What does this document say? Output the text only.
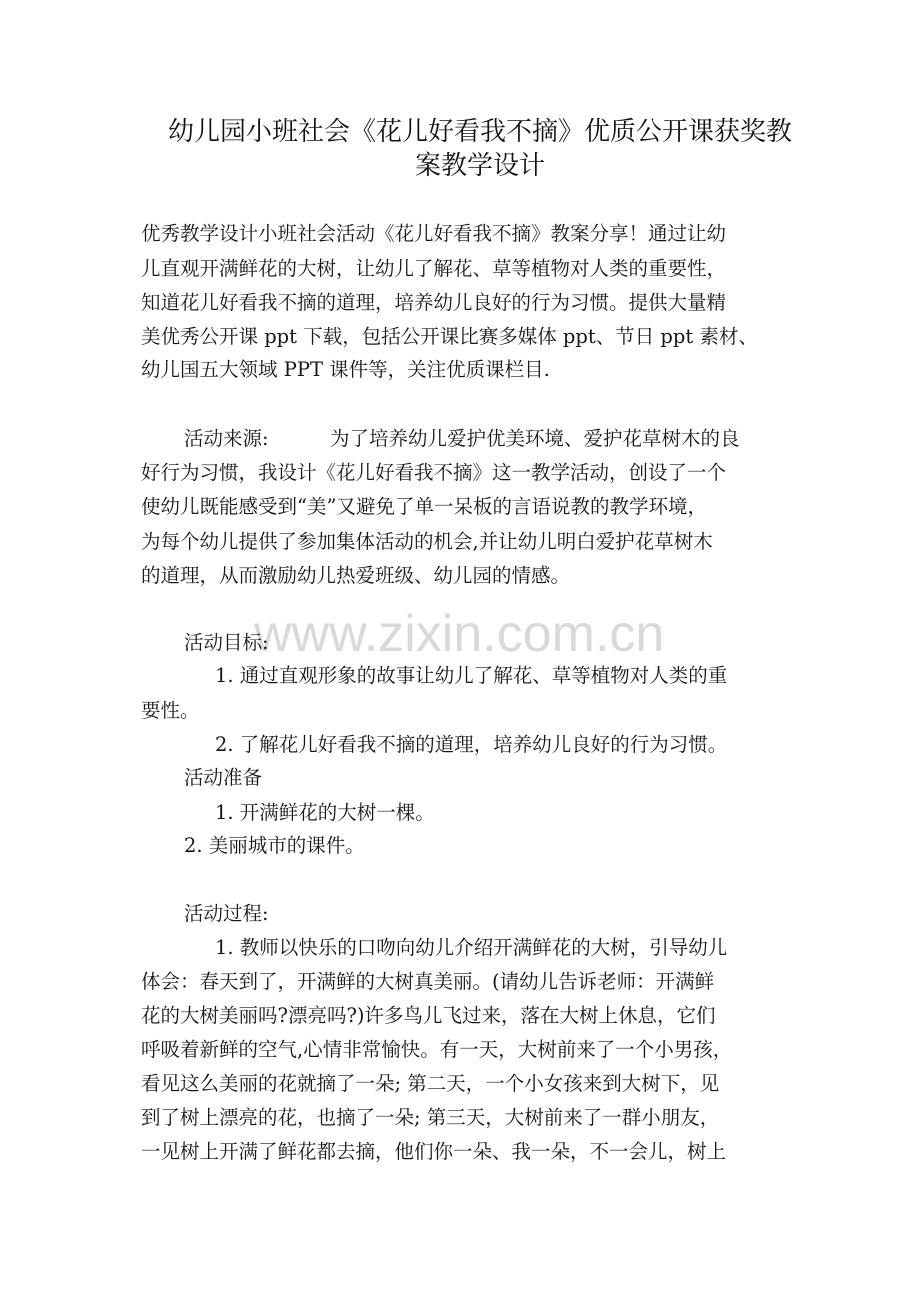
幼儿园小班社会《花儿好看我不摘》优质公开课获奖教
案教学设计
优秀教学设计小班社会活动《花儿好看我不摘》教案分享！通过让幼
儿直观开满鲜花的大树，让幼儿了解花、草等植物对人类的重要性，
知道花儿好看我不摘的道理，培养幼儿良好的行为习惯。提供大量精
美优秀公开课 ppt 下载，包括公开课比赛多媒体 ppt、节日 ppt 素材、
幼儿国五大领域 PPT 课件等，关注优质课栏目.
活动来源:	为了培养幼儿爱护优美环境、爱护花草树木的良
好行为习惯，我设计《花儿好看我不摘》这一教学活动，创设了一个
使幼儿既能感受到“美”又避免了单一呆板的言语说教的教学环境，
为每个幼儿提供了参加集体活动的机会,并让幼儿明白爱护花草树木
的道理，从而激励幼儿热爱班级、幼儿园的情感。
www.zixin.com.cn
活动目标:
1. 通过直观形象的故事让幼儿了解花、草等植物对人类的重
要性。
2. 了解花儿好看我不摘的道理，培养幼儿良好的行为习惯。
活动准备
1. 开满鲜花的大树一棵。
2. 美丽城市的课件。
活动过程:
1. 教师以快乐的口吻向幼儿介绍开满鲜花的大树，引导幼儿
体会：春天到了，开满鲜的大树真美丽。(请幼儿告诉老师：开满鲜
花的大树美丽吗?漂亮吗?)许多鸟儿飞过来，落在大树上休息，它们
呼吸着新鲜的空气,心情非常愉快。有一天，大树前来了一个小男孩，
看见这么美丽的花就摘了一朵; 第二天，一个小女孩来到大树下，见
到了树上漂亮的花，也摘了一朵; 第三天，大树前来了一群小朋友，
一见树上开满了鲜花都去摘，他们你一朵、我一朵，不一会儿，树上
